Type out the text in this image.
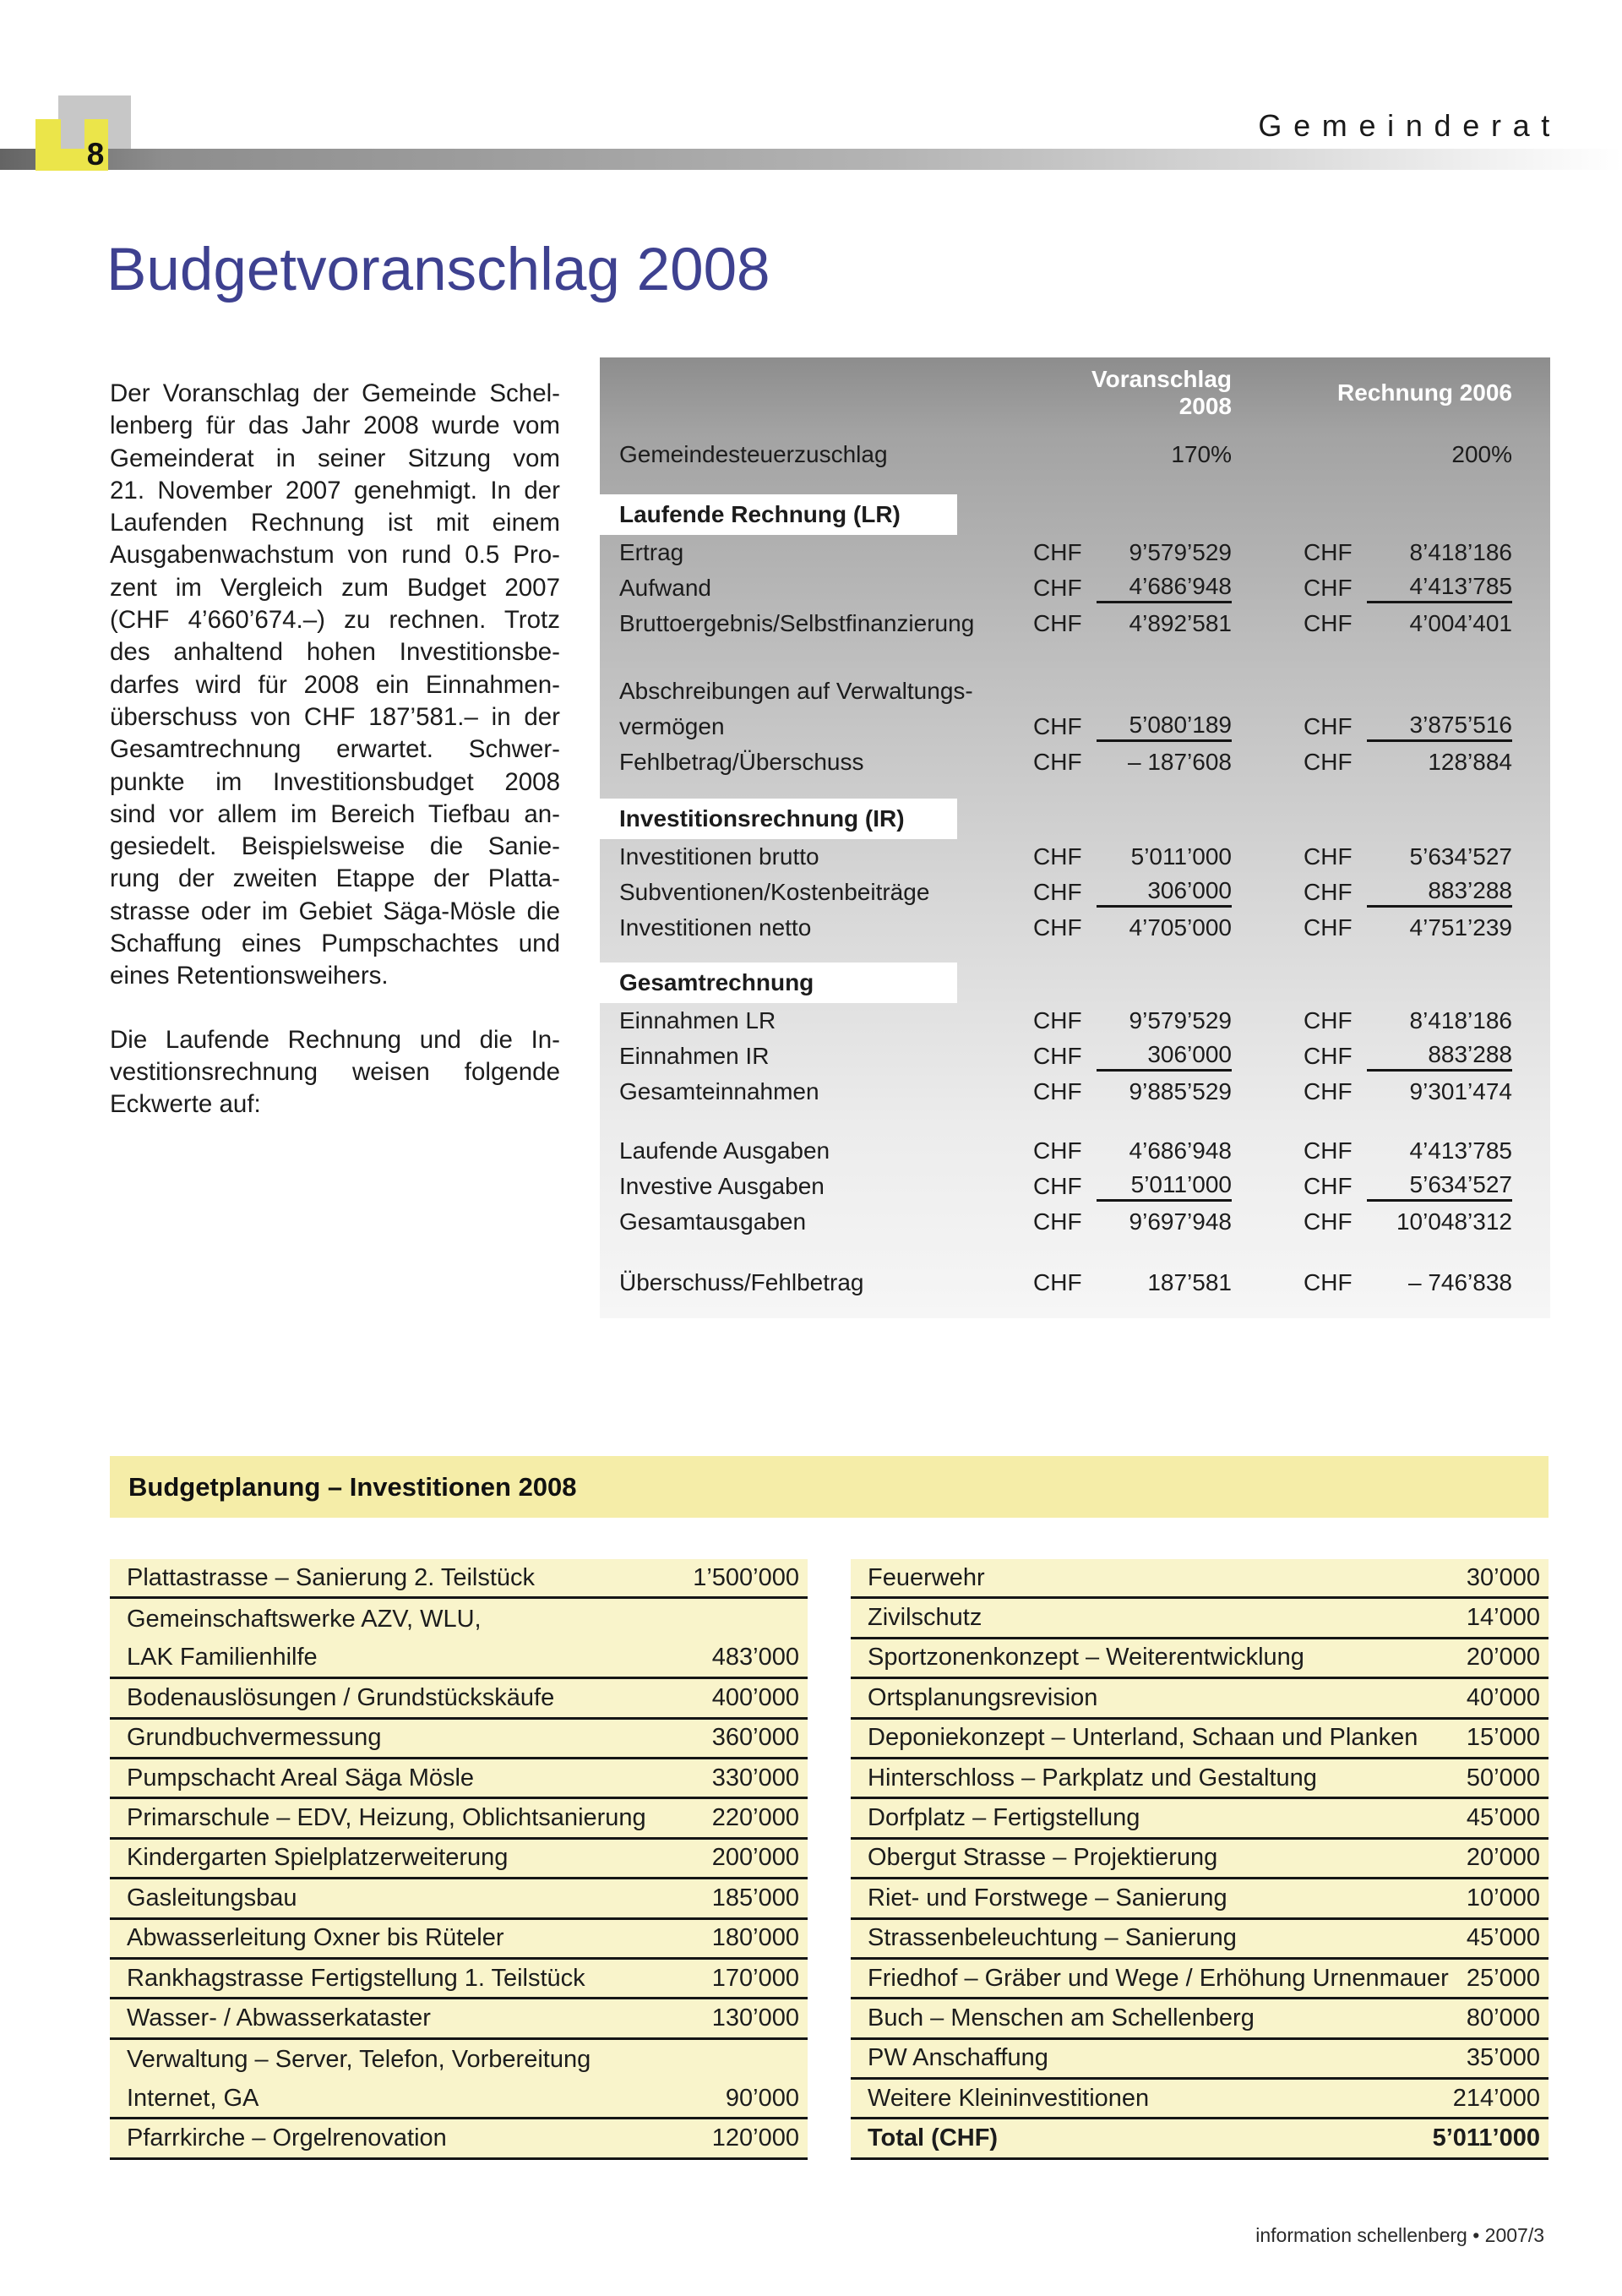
8
Gemeinderat
Budgetvoranschlag 2008
Der Voranschlag der Gemeinde Schel-
lenberg für das Jahr 2008 wurde vom
Gemeinderat in seiner Sitzung vom
21. November 2007 genehmigt. In der
Laufenden Rechnung ist mit einem
Ausgabenwachstum von rund 0.5 Pro-
zent im Vergleich zum Budget 2007
(CHF 4’660’674.–) zu rechnen. Trotz
des anhaltend hohen Investitionsbe-
darfes wird für 2008 ein Einnahmen-
überschuss von CHF 187’581.– in der
Gesamtrechnung erwartet. Schwer-
punkte im Investitionsbudget 2008
sind vor allem im Bereich Tiefbau an-
gesiedelt. Beispielsweise die Sanie-
rung der zweiten Etappe der Platta-
strasse oder im Gebiet Säga-Mösle die
Schaffung eines Pumpschachtes und
eines Retentionsweihers.
Die Laufende Rechnung und die In-
vestitionsrechnung weisen folgende
Eckwerte auf:
Voranschlag 2008
Rechnung 2006
Gemeindesteuerzuschlag	170%	200%
Laufende Rechnung (LR)
Ertrag	CHF	9’579’529	CHF	8’418’186
Aufwand	CHF	4’686’948	CHF	4’413’785
Bruttoergebnis/Selbstfinanzierung	CHF	4’892’581	CHF	4’004’401
Abschreibungen auf Verwaltungs-
vermögen	CHF	5’080’189	CHF	3’875’516
Fehlbetrag/Überschuss	CHF	– 187’608	CHF	128’884
Investitionsrechnung (IR)
Investitionen brutto	CHF	5’011’000	CHF	5’634’527
Subventionen/Kostenbeiträge	CHF	306’000	CHF	883’288
Investitionen netto	CHF	4’705’000	CHF	4’751’239
Gesamtrechnung
Einnahmen LR	CHF	9’579’529	CHF	8’418’186
Einnahmen IR	CHF	306’000	CHF	883’288
Gesamteinnahmen	CHF	9’885’529	CHF	9’301’474
Laufende Ausgaben	CHF	4’686’948	CHF	4’413’785
Investive Ausgaben	CHF	5’011’000	CHF	5’634’527
Gesamtausgaben	CHF	9’697’948	CHF	10’048’312
Überschuss/Fehlbetrag	CHF	187’581	CHF	– 746’838
Budgetplanung – Investitionen 2008
Plattastrasse – Sanierung 2. Teilstück	1’500’000
Gemeinschaftswerke AZV, WLU,
LAK Familienhilfe	483’000
Bodenauslösungen / Grundstückskäufe	400’000
Grundbuchvermessung	360’000
Pumpschacht Areal Säga Mösle	330’000
Primarschule – EDV, Heizung, Oblichtsanierung	220’000
Kindergarten Spielplatzerweiterung	200’000
Gasleitungsbau	185’000
Abwasserleitung Oxner bis Rüteler	180’000
Rankhagstrasse Fertigstellung 1. Teilstück	170’000
Wasser- / Abwasserkataster	130’000
Verwaltung – Server, Telefon, Vorbereitung
Internet, GA	90’000
Pfarrkirche – Orgelrenovation	120’000
Feuerwehr	30’000
Zivilschutz	14’000
Sportzonenkonzept – Weiterentwicklung	20’000
Ortsplanungsrevision	40’000
Deponiekonzept – Unterland, Schaan und Planken 15’000
Hinterschloss – Parkplatz und Gestaltung	50’000
Dorfplatz – Fertigstellung	45’000
Obergut Strasse – Projektierung	20’000
Riet- und Forstwege – Sanierung	10’000
Strassenbeleuchtung – Sanierung	45’000
Friedhof – Gräber und Wege / Erhöhung Urnenmauer 25’000
Buch – Menschen am Schellenberg	80’000
PW Anschaffung	35’000
Weitere Kleininvestitionen	214’000
Total (CHF)	5’011’000
information schellenberg • 2007/3
